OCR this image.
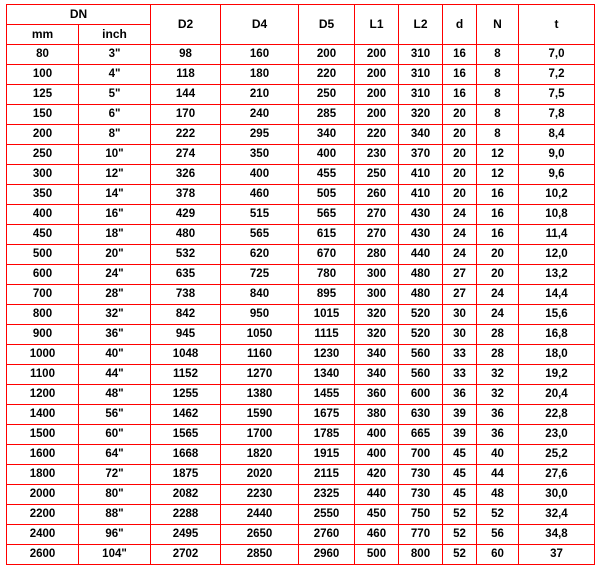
DN		D2	D4	D5	L1	L2	d	N	t
mm	inch								
80	3"	98	160	200	200	310	16	8	7,0
100	4"	118	180	220	200	310	16	8	7,2
125	5"	144	210	250	200	310	16	8	7,5
150	6"	170	240	285	200	320	20	8	7,8
200	8"	222	295	340	220	340	20	8	8,4
250	10"	274	350	400	230	370	20	12	9,0
300	12"	326	400	455	250	410	20	12	9,6
350	14"	378	460	505	260	410	20	16	10,2
400	16"	429	515	565	270	430	24	16	10,8
450	18"	480	565	615	270	430	24	16	11,4
500	20"	532	620	670	280	440	24	20	12,0
600	24"	635	725	780	300	480	27	20	13,2
700	28"	738	840	895	300	480	27	24	14,4
800	32"	842	950	1015	320	520	30	24	15,6
900	36"	945	1050	1115	320	520	30	28	16,8
1000	40"	1048	1160	1230	340	560	33	28	18,0
1100	44"	1152	1270	1340	340	560	33	32	19,2
1200	48"	1255	1380	1455	360	600	36	32	20,4
1400	56"	1462	1590	1675	380	630	39	36	22,8
1500	60"	1565	1700	1785	400	665	39	36	23,0
1600	64"	1668	1820	1915	400	700	45	40	25,2
1800	72"	1875	2020	2115	420	730	45	44	27,6
2000	80"	2082	2230	2325	440	730	45	48	30,0
2200	88"	2288	2440	2550	450	750	52	52	32,4
2400	96"	2495	2650	2760	460	770	52	56	34,8
2600	104"	2702	2850	2960	500	800	52	60	37
